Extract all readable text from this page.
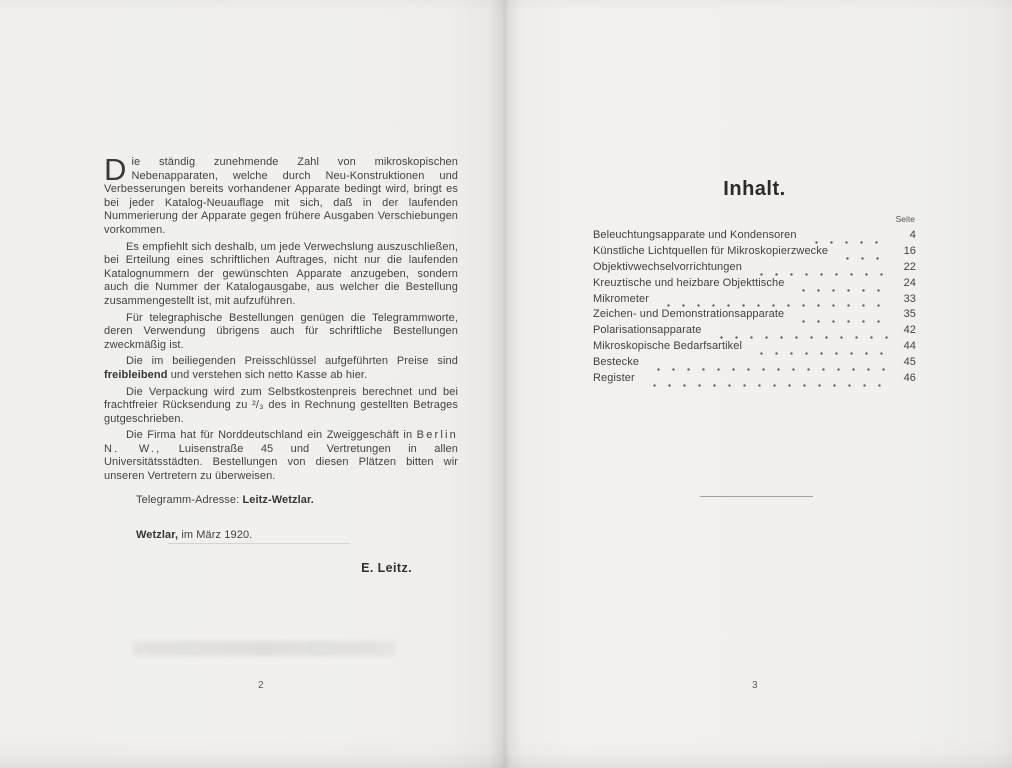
Die ständig zunehmende Zahl von mikroskopischen Nebenapparaten, welche durch Neu-Konstruktionen und Verbesserungen bereits vorhandener Apparate bedingt wird, bringt es bei jeder Katalog-Neuauflage mit sich, daß in der laufenden Nummerierung der Apparate gegen frühere Ausgaben Verschiebungen vorkommen.

Es empfiehlt sich deshalb, um jede Verwechslung auszuschließen, bei Erteilung eines schriftlichen Auftrages, nicht nur die laufenden Katalognummern der gewünschten Apparate anzugeben, sondern auch die Nummer der Katalogausgabe, aus welcher die Bestellung zusammengestellt ist, mit aufzuführen.

Für telegraphische Bestellungen genügen die Telegrammworte, deren Verwendung übrigens auch für schriftliche Bestellungen zweckmäßig ist.

Die im beiliegenden Preisschlüssel aufgeführten Preise sind freibleibend und verstehen sich netto Kasse ab hier.

Die Verpackung wird zum Selbstkostenpreis berechnet und bei frachtfreier Rücksendung zu ²/₃ des in Rechnung gestellten Betrages gutgeschrieben.

Die Firma hat für Norddeutschland ein Zweiggeschäft in Berlin N. W., Luisenstraße 45 und Vertretungen in allen Universitätsstädten. Bestellungen von diesen Plätzen bitten wir unseren Vertretern zu überweisen.

Telegramm-Adresse: Leitz-Wetzlar.

Wetzlar, im März 1920.

E. Leitz.

2
Inhalt.
Seite
Beleuchtungsapparate und Kondensoren	4
Künstliche Lichtquellen für Mikroskopierzwecke	16
Objektivwechselvorrichtungen	22
Kreuztische und heizbare Objekttische	24
Mikrometer	33
Zeichen- und Demonstrationsapparate	35
Polarisationsapparate	42
Mikroskopische Bedarfsartikel	44
Bestecke	45
Register	46
3
